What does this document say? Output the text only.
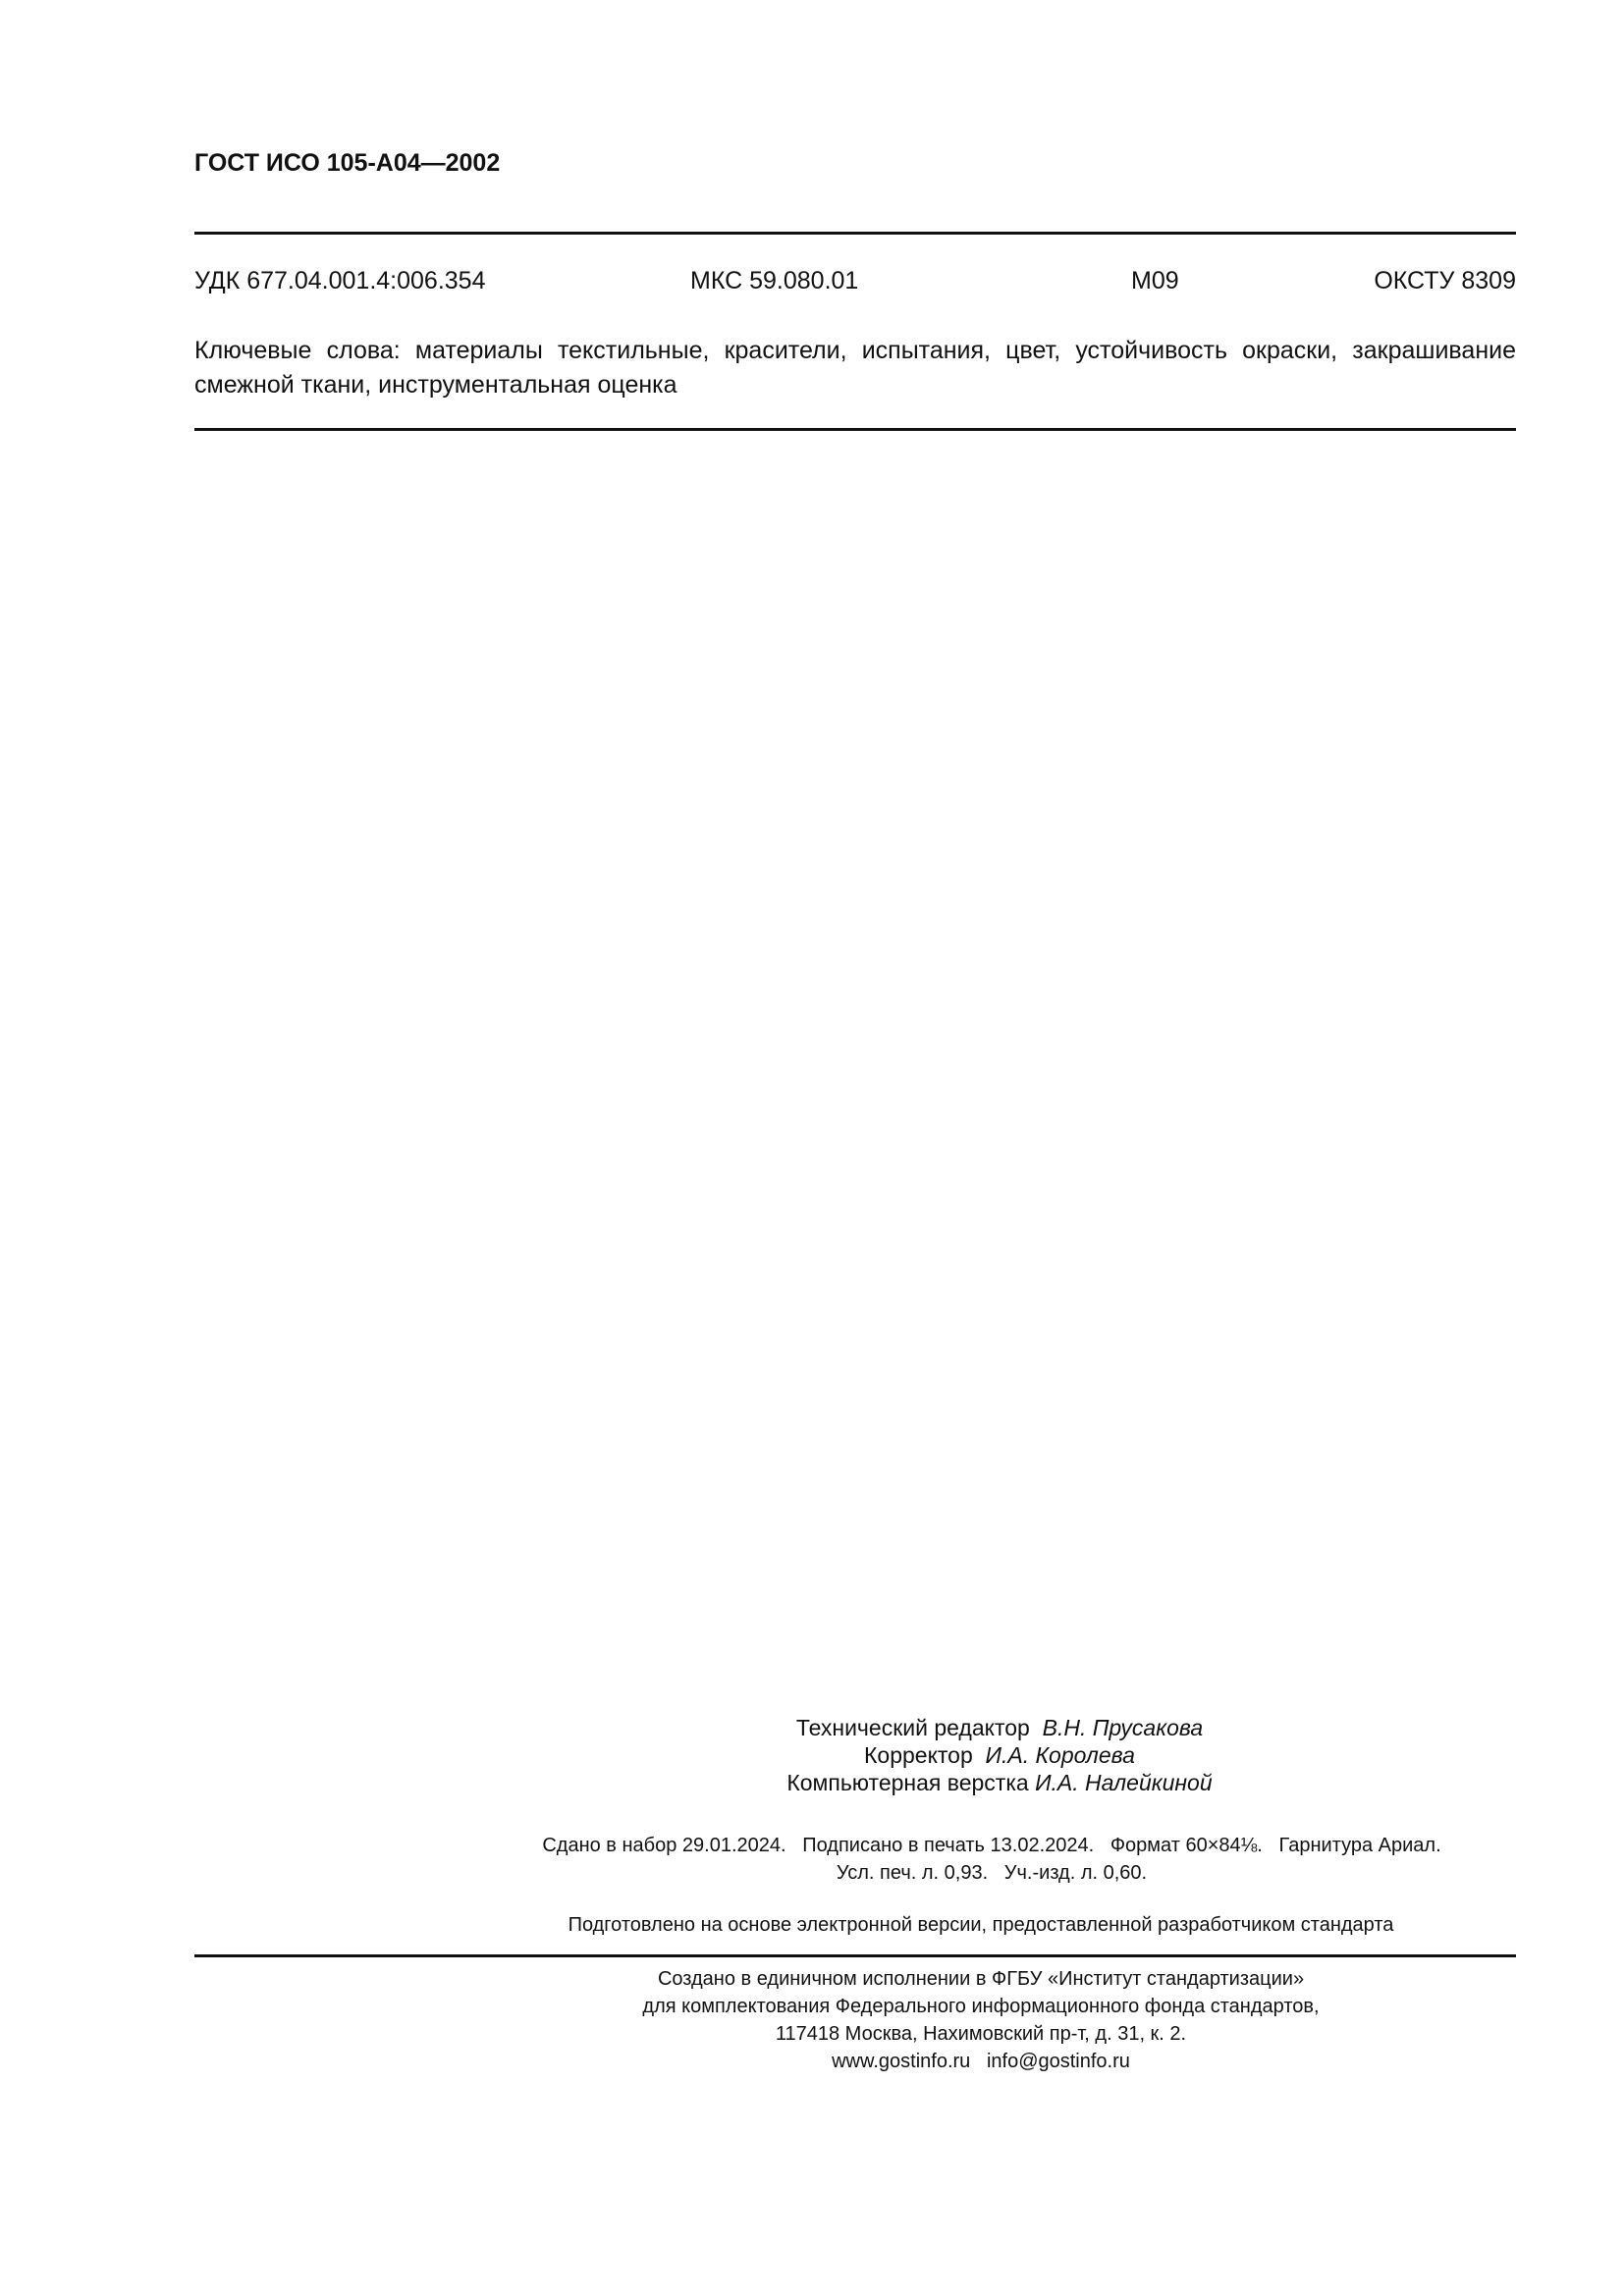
ГОСТ ИСО 105-A04—2002
УДК 677.04.001.4:006.354	МКС 59.080.01	М09	ОКСТУ 8309
Ключевые слова: материалы текстильные, красители, испытания, цвет, устойчивость окраски, закрашивание смежной ткани, инструментальная оценка
Технический редактор В.Н. Прусакова
Корректор И.А. Королева
Компьютерная верстка И.А. Налейкиной
Сдано в набор 29.01.2024.   Подписано в печать 13.02.2024.   Формат 60×84⅛.   Гарнитура Ариал.
Усл. печ. л. 0,93.   Уч.-изд. л. 0,60.
Подготовлено на основе электронной версии, предоставленной разработчиком стандарта
Создано в единичном исполнении в ФГБУ «Институт стандартизации»
для комплектования Федерального информационного фонда стандартов,
117418 Москва, Нахимовский пр-т, д. 31, к. 2.
www.gostinfo.ru info@gostinfo.ru
